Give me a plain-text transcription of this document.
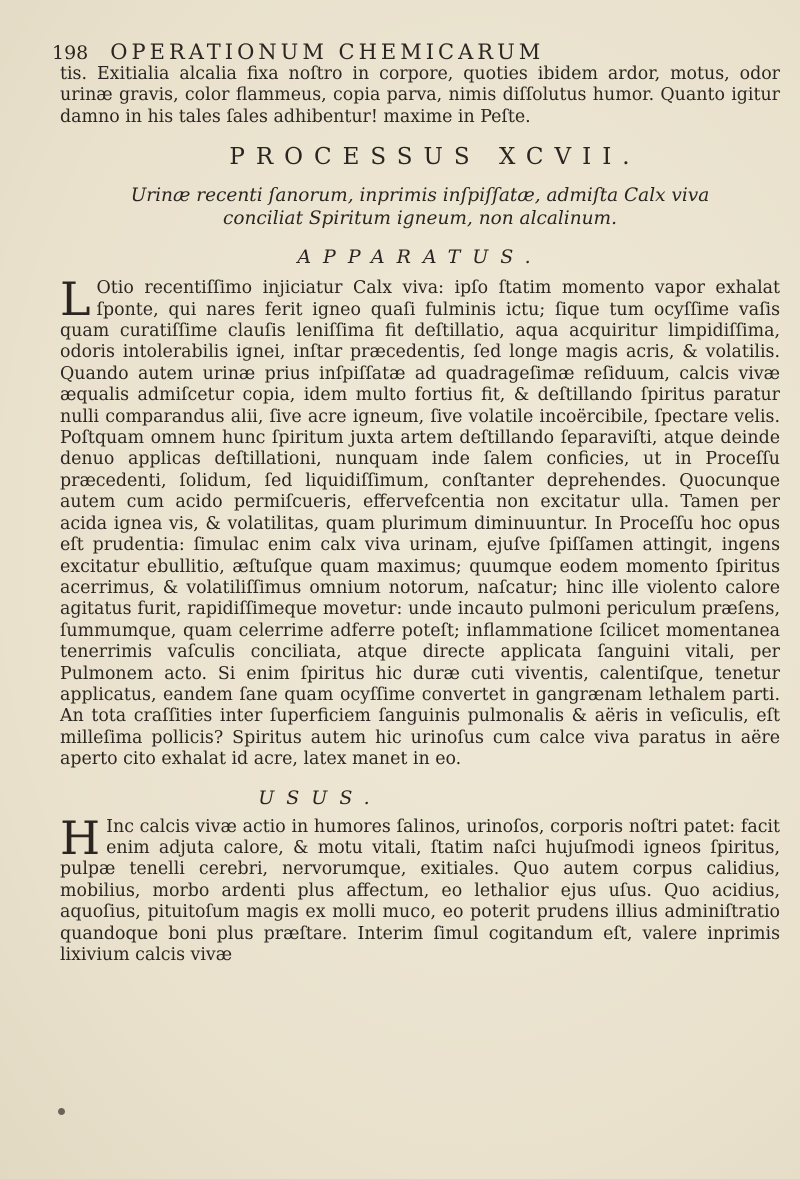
198 OPERATIONUM CHEMICARUM

tis. Exitialia alcalia fixa noſtro in corpore, quoties ibidem ardor, motus, odor urinæ gravis, color flammeus, copia parva, nimis diſſolutus humor. Quanto igitur damno in his tales ſales adhibentur! maxime in Peſte.

PROCESSUS XCVII.
Urinæ recenti ſanorum, inprimis inſpiſſatæ, admiſta Calx viva
conciliat Spiritum igneum, non alcalinum.
APPARATUS.

L Otio recentiſſimo injiciatur Calx viva: ipſo ſtatim momento vapor exhalat ſponte, qui nares ferit igneo quaſi fulminis ictu; ſique tum ocyſſime vaſis quam curatiſſime clauſis leniſſima fit deſtillatio, aqua acquiritur limpidiſſima, odoris intolerabilis ignei, inſtar præcedentis, ſed longe magis acris, & volatilis. Quando autem urinæ prius inſpiſſatæ ad quadrageſimæ reſiduum, calcis vivæ æqualis admiſcetur copia, idem multo fortius fit, & deſtillando ſpiritus paratur nulli comparandus alii, ſive acre igneum, ſive volatile incoërcibile, ſpectare velis. Poſtquam omnem hunc ſpiritum juxta artem deſtillando ſeparaviſti, atque deinde denuo applicas deſtillationi, nunquam inde ſalem conficies, ut in Proceſſu præcedenti, ſolidum, ſed liquidiſſimum, conſtanter deprehendes. Quocunque autem cum acido permiſcueris, effervefcentia non excitatur ulla. Tamen per acida ignea vis, & volatilitas, quam plurimum diminuuntur. In Proceſſu hoc opus eſt prudentia: ſimulac enim calx viva urinam, ejuſve ſpiſſamen attingit, ingens excitatur ebullitio, æſtuſque quam maximus; quumque eodem momento ſpiritus acerrimus, & volatiliſſimus omnium notorum, naſcatur; hinc ille violento calore agitatus furit, rapidiſſimeque movetur: unde incauto pulmoni periculum præſens, ſummumque, quam celerrime adferre poteſt; inflammatione ſcilicet momentanea tenerrimis vaſculis conciliata, atque directe applicata ſanguini vitali, per Pulmonem acto. Si enim ſpiritus hic duræ cuti viventis, calentiſque, tenetur applicatus, eandem ſane quam ocyſſime convertet in gangrænam lethalem parti. An tota craſſities inter ſuperficiem ſanguinis pulmonalis & aëris in veſiculis, eſt milleſima pollicis? Spiritus autem hic urinoſus cum calce viva paratus in aëre aperto cito exhalat id acre, latex manet in eo.

USUS.

H Inc calcis vivæ actio in humores ſalinos, urinoſos, corporis noſtri patet: facit enim adjuta calore, & motu vitali, ſtatim naſci hujuſmodi igneos ſpiritus, pulpæ tenelli cerebri, nervorumque, exitiales. Quo autem corpus calidius, mobilius, morbo ardenti plus affectum, eo lethalior ejus uſus. Quo acidius, aquoſius, pituitoſum magis ex molli muco, eo poterit prudens illius adminiſtratio quandoque boni plus præſtare. Interim ſimul cogitandum eſt, valere inprimis lixivium calcis vivæ
